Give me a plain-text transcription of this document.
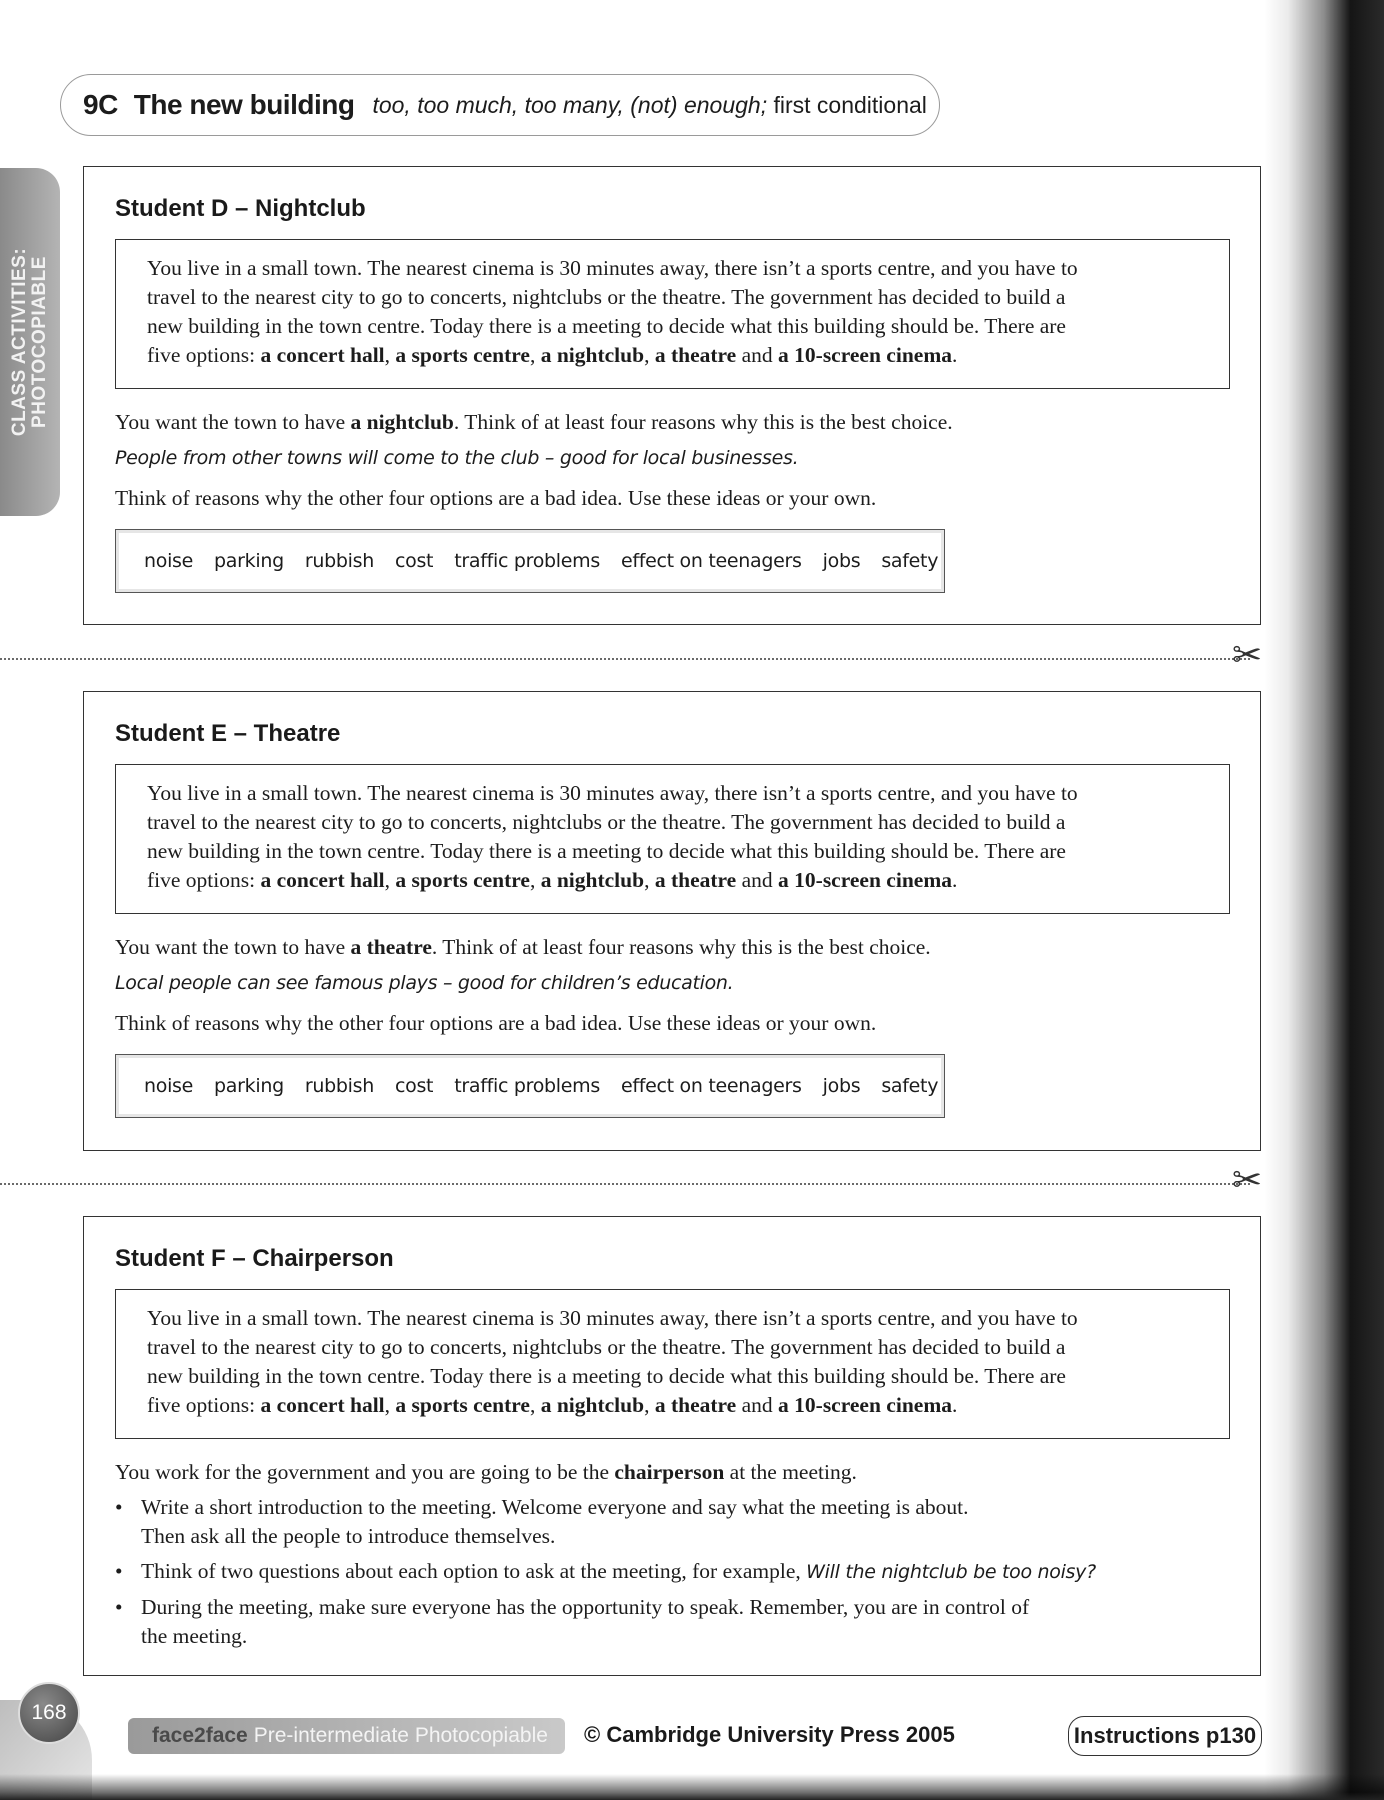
9C The new building too, too much, too many, (not) enough; first conditional
CLASS ACTIVITIES: PHOTOCOPIABLE
Student D – Nightclub
You live in a small town. The nearest cinema is 30 minutes away, there isn’t a sports centre, and you have to
travel to the nearest city to go to concerts, nightclubs or the theatre. The government has decided to build a
new building in the town centre. Today there is a meeting to decide what this building should be. There are
five options: a concert hall, a sports centre, a nightclub, a theatre and a 10-screen cinema.
You want the town to have a nightclub. Think of at least four reasons why this is the best choice.
People from other towns will come to the club – good for local businesses.
Think of reasons why the other four options are a bad idea. Use these ideas or your own.
noise parking rubbish cost traffic problems effect on teenagers jobs safety
✂
Student E – Theatre
You live in a small town. The nearest cinema is 30 minutes away, there isn’t a sports centre, and you have to
travel to the nearest city to go to concerts, nightclubs or the theatre. The government has decided to build a
new building in the town centre. Today there is a meeting to decide what this building should be. There are
five options: a concert hall, a sports centre, a nightclub, a theatre and a 10-screen cinema.
You want the town to have a theatre. Think of at least four reasons why this is the best choice.
Local people can see famous plays – good for children’s education.
Think of reasons why the other four options are a bad idea. Use these ideas or your own.
noise parking rubbish cost traffic problems effect on teenagers jobs safety
✂
Student F – Chairperson
You live in a small town. The nearest cinema is 30 minutes away, there isn’t a sports centre, and you have to
travel to the nearest city to go to concerts, nightclubs or the theatre. The government has decided to build a
new building in the town centre. Today there is a meeting to decide what this building should be. There are
five options: a concert hall, a sports centre, a nightclub, a theatre and a 10-screen cinema.
You work for the government and you are going to be the chairperson at the meeting.
• Write a short introduction to the meeting. Welcome everyone and say what the meeting is about.
Then ask all the people to introduce themselves.
• Think of two questions about each option to ask at the meeting, for example, Will the nightclub be too noisy?
• During the meeting, make sure everyone has the opportunity to speak. Remember, you are in control of
the meeting.
168
face2face Pre-intermediate Photocopiable © Cambridge University Press 2005	Instructions p130
